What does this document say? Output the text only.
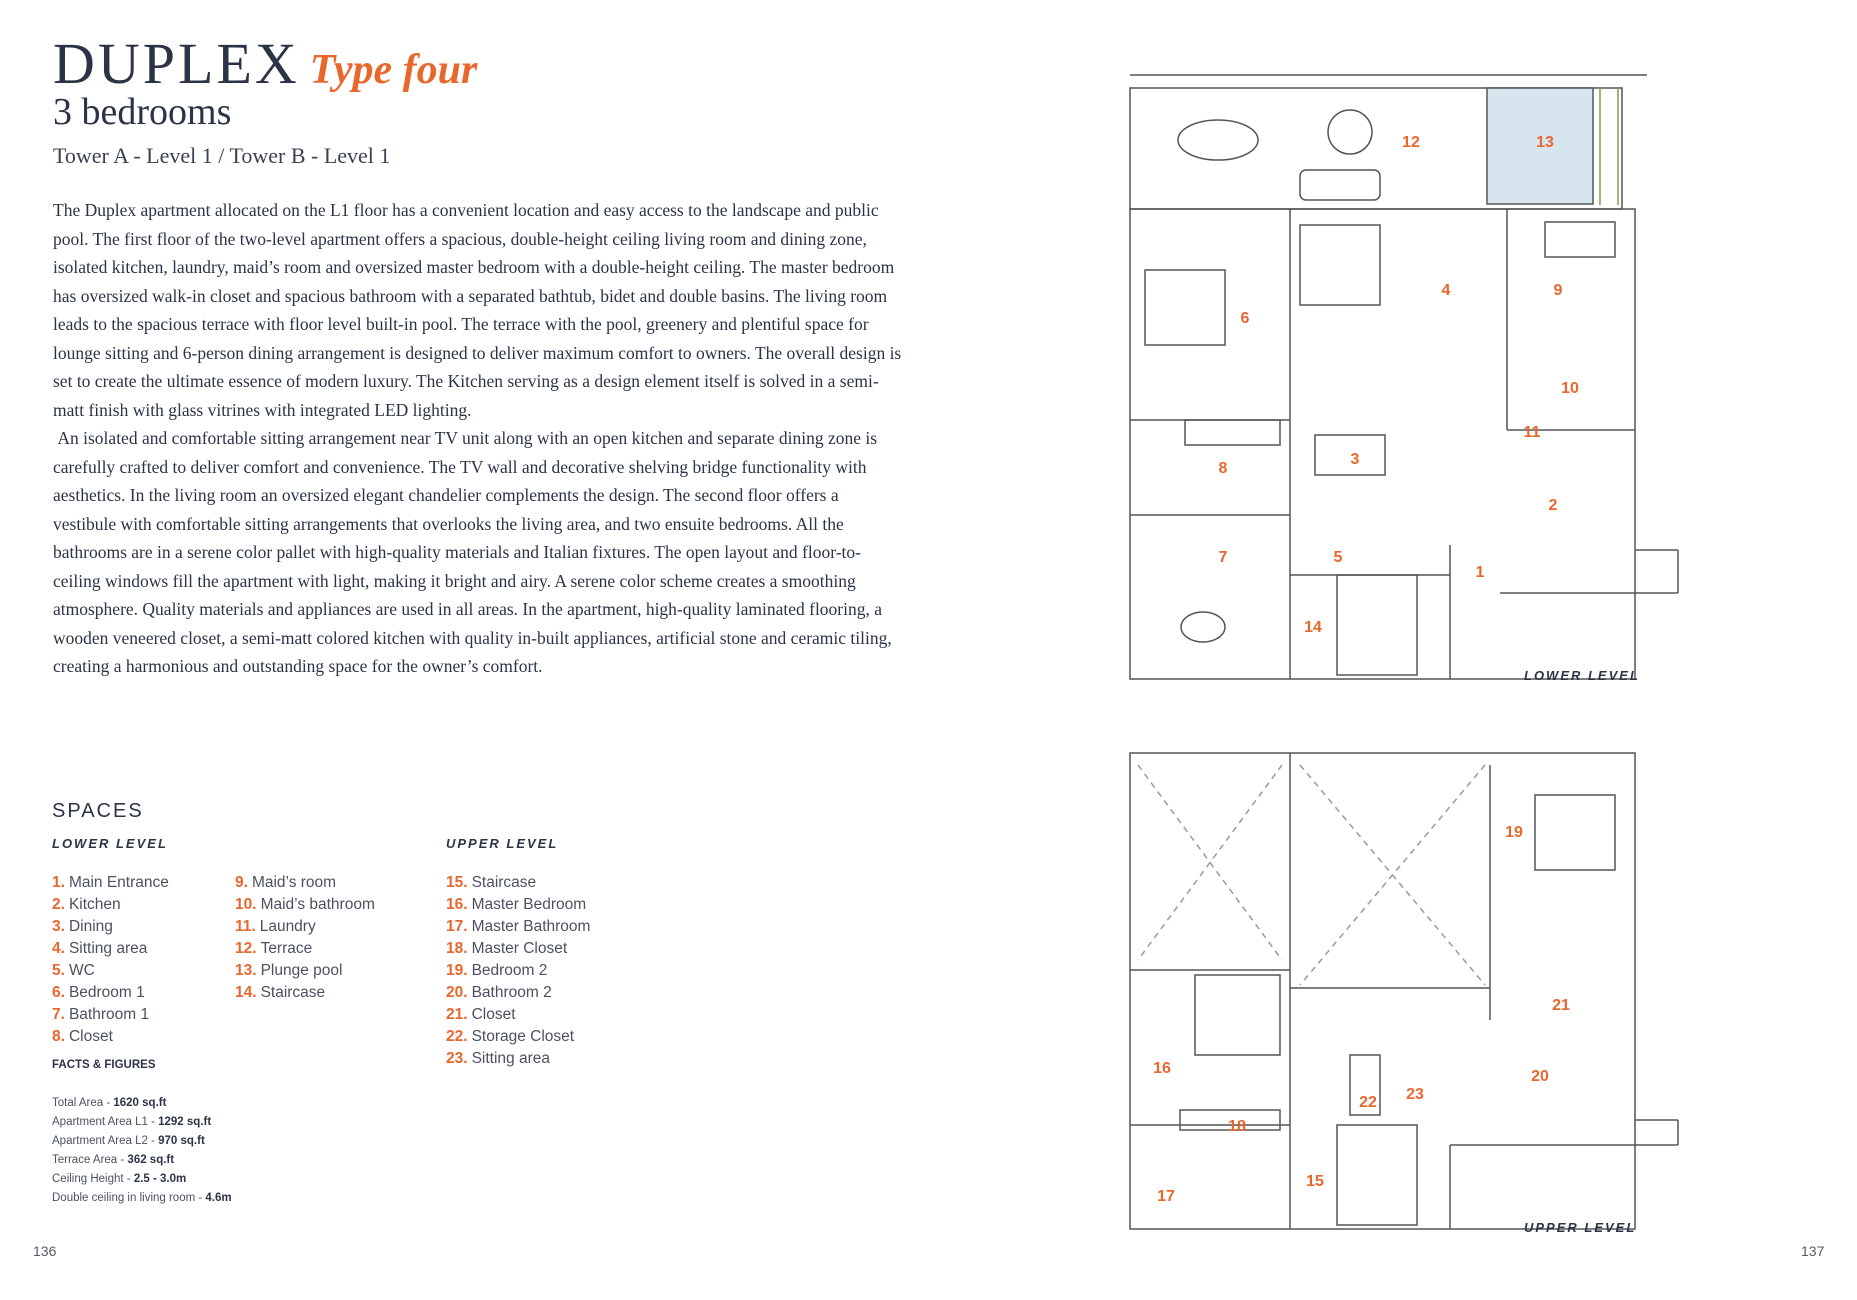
DUPLEX Type four
3 bedrooms
Tower A - Level 1 / Tower B - Level 1

The Duplex apartment allocated on the L1 floor has a convenient location and easy access to the landscape and public pool. The first floor of the two-level apartment offers a spacious, double-height ceiling living room and dining zone, isolated kitchen, laundry, maid’s room and oversized master bedroom with a double-height ceiling. The master bedroom has oversized walk-in closet and spacious bathroom with a separated bathtub, bidet and double basins. The living room leads to the spacious terrace with floor level built-in pool. The terrace with the pool, greenery and plentiful space for lounge sitting and 6-person dining arrangement is designed to deliver maximum comfort to owners. The overall design is set to create the ultimate essence of modern luxury. The Kitchen serving as a design element itself is solved in a semi-matt finish with glass vitrines with integrated LED lighting.

An isolated and comfortable sitting arrangement near TV unit along with an open kitchen and separate dining zone is carefully crafted to deliver comfort and convenience. The TV wall and decorative shelving bridge functionality with aesthetics. In the living room an oversized elegant chandelier complements the design. The second floor offers a vestibule with comfortable sitting arrangements that overlooks the living area, and two ensuite bedrooms. All the bathrooms are in a serene color pallet with high-quality materials and Italian fixtures. The open layout and floor-to-ceiling windows fill the apartment with light, making it bright and airy. A serene color scheme creates a smoothing atmosphere. Quality materials and appliances are used in all areas. In the apartment, high-quality laminated flooring, a wooden veneered closet, a semi-matt colored kitchen with quality in-built appliances, artificial stone and ceramic tiling, creating a harmonious and outstanding space for the owner’s comfort.

SPACES
LOWER LEVEL	UPPER LEVEL
1. Main Entrance
2. Kitchen
3. Dining
4. Sitting area
5. WC
6. Bedroom 1
7. Bathroom 1
8. Closet
9. Maid’s room
10. Maid’s bathroom
11. Laundry
12. Terrace
13. Plunge pool
14. Staircase
15. Staircase
16. Master Bedroom
17. Master Bathroom
18. Master Closet
19. Bedroom 2
20. Bathroom 2
21. Closet
22. Storage Closet
23. Sitting area
FACTS & FIGURES
Total Area - 1620 sq.ft
Apartment Area L1 - 1292 sq.ft
Apartment Area L2 - 970 sq.ft
Terrace Area - 362 sq.ft
Ceiling Height - 2.5 - 3.0m
Double ceiling in living room - 4.6m
136	137
12	13
4	9
6
10
11
3
8
2
7	5
1
14
19
21
16	20
23
22
18
17
15
LOWER LEVEL
UPPER LEVEL
